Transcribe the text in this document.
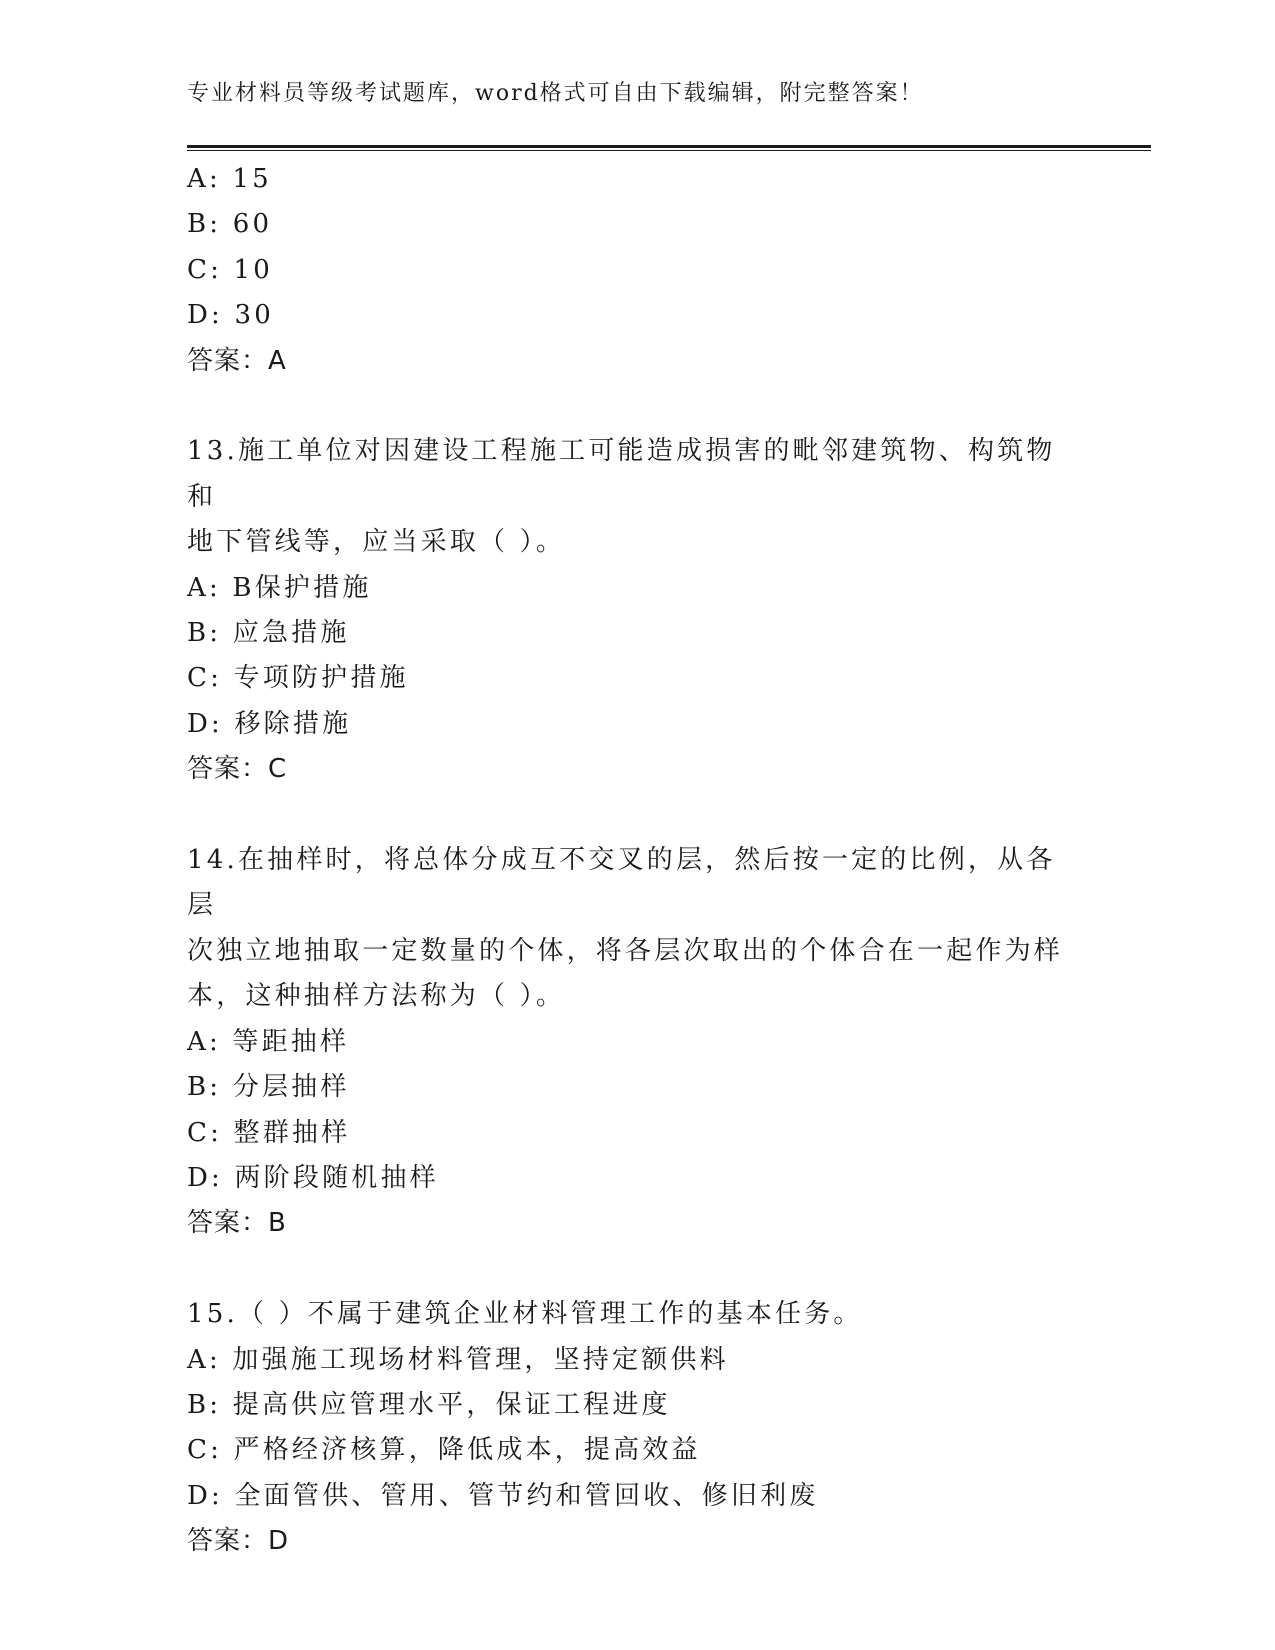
专业材料员等级考试题库，word格式可自由下载编辑，附完整答案！
A: 15
B: 60
C: 10
D: 30
答案：A
13.施工单位对因建设工程施工可能造成损害的毗邻建筑物、构筑物和
地下管线等，应当采取（ ）。
A: B保护措施
B: 应急措施
C: 专项防护措施
D: 移除措施
答案：C
14.在抽样时，将总体分成互不交叉的层，然后按一定的比例，从各层
次独立地抽取一定数量的个体，将各层次取出的个体合在一起作为样
本，这种抽样方法称为（ ）。
A: 等距抽样
B: 分层抽样
C: 整群抽样
D: 两阶段随机抽样
答案：B
15.（ ）不属于建筑企业材料管理工作的基本任务。
A: 加强施工现场材料管理，坚持定额供料
B: 提高供应管理水平，保证工程进度
C: 严格经济核算，降低成本，提高效益
D: 全面管供、管用、管节约和管回收、修旧利废
答案：D
